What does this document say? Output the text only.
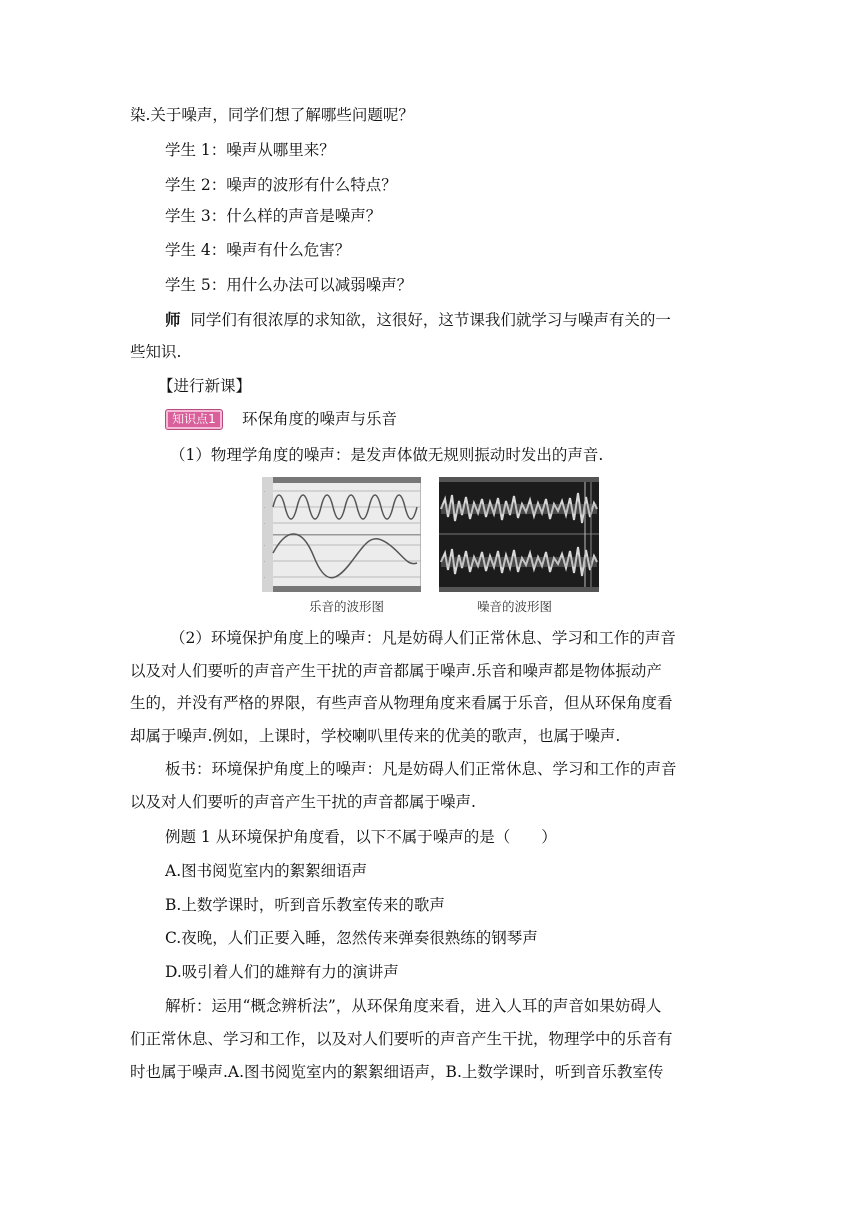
染.关于噪声，同学们想了解哪些问题呢？
学生 1：噪声从哪里来？
学生 2：噪声的波形有什么特点？
学生 3：什么样的声音是噪声？
学生 4：噪声有什么危害？
学生 5：用什么办法可以减弱噪声？
师 同学们有很浓厚的求知欲，这很好，这节课我们就学习与噪声有关的一
些知识.
【进行新课】
知识点1	环保角度的噪声与乐音
（1）物理学角度的噪声：是发声体做无规则振动时发出的声音.
·
·
·
·
·
·
乐音的波形图	噪音的波形图
（2）环境保护角度上的噪声：凡是妨碍人们正常休息、学习和工作的声音
以及对人们要听的声音产生干扰的声音都属于噪声.乐音和噪声都是物体振动产
生的，并没有严格的界限，有些声音从物理角度来看属于乐音，但从环保角度看
却属于噪声.例如，上课时，学校喇叭里传来的优美的歌声，也属于噪声.
板书：环境保护角度上的噪声：凡是妨碍人们正常休息、学习和工作的声音
以及对人们要听的声音产生干扰的声音都属于噪声.
例题 1 从环境保护角度看，以下不属于噪声的是（　　）
A.图书阅览室内的絮絮细语声
B.上数学课时，听到音乐教室传来的歌声
C.夜晚，人们正要入睡，忽然传来弹奏很熟练的钢琴声
D.吸引着人们的雄辩有力的演讲声
解析：运用“概念辨析法”，从环保角度来看，进入人耳的声音如果妨碍人
们正常休息、学习和工作，以及对人们要听的声音产生干扰，物理学中的乐音有
时也属于噪声.A.图书阅览室内的絮絮细语声，B.上数学课时，听到音乐教室传
